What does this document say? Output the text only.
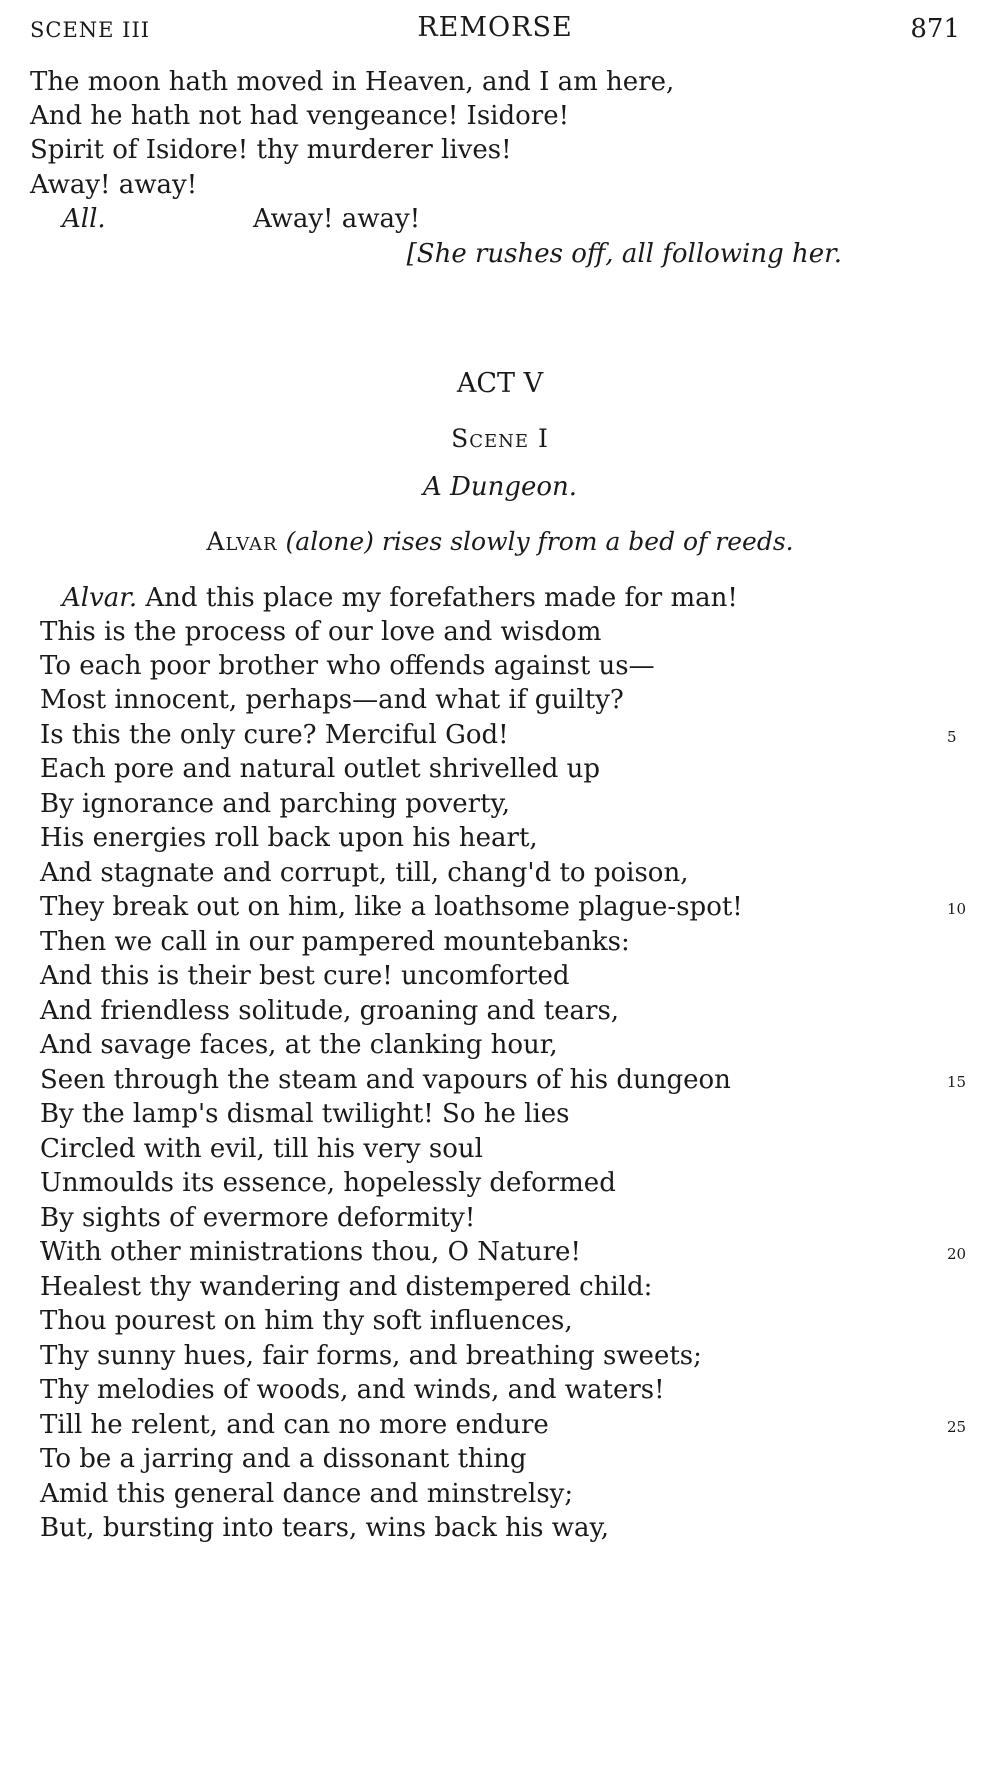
SCENE III	REMORSE	871
The moon hath moved in Heaven, and I am here,
And he hath not had vengeance! Isidore!
Spirit of Isidore! thy murderer lives!
Away! away!
All.	Away! away!
[She rushes off, all following her.
ACT V
Scene I
A Dungeon.
Alvar (alone) rises slowly from a bed of reeds.
Alvar. And this place my forefathers made for man!
This is the process of our love and wisdom
To each poor brother who offends against us—
Most innocent, perhaps—and what if guilty?
Is this the only cure? Merciful God!
Each pore and natural outlet shrivelled up
By ignorance and parching poverty,
His energies roll back upon his heart,
And stagnate and corrupt, till, chang'd to poison,
They break out on him, like a loathsome plague-spot!
Then we call in our pampered mountebanks:
And this is their best cure! uncomforted
And friendless solitude, groaning and tears,
And savage faces, at the clanking hour,
Seen through the steam and vapours of his dungeon
By the lamp's dismal twilight! So he lies
Circled with evil, till his very soul
Unmoulds its essence, hopelessly deformed
By sights of evermore deformity!
With other ministrations thou, O Nature!
Healest thy wandering and distempered child:
Thou pourest on him thy soft influences,
Thy sunny hues, fair forms, and breathing sweets;
Thy melodies of woods, and winds, and waters!
Till he relent, and can no more endure
To be a jarring and a dissonant thing
Amid this general dance and minstrelsy;
But, bursting into tears, wins back his way,
5
10
15
20
25
